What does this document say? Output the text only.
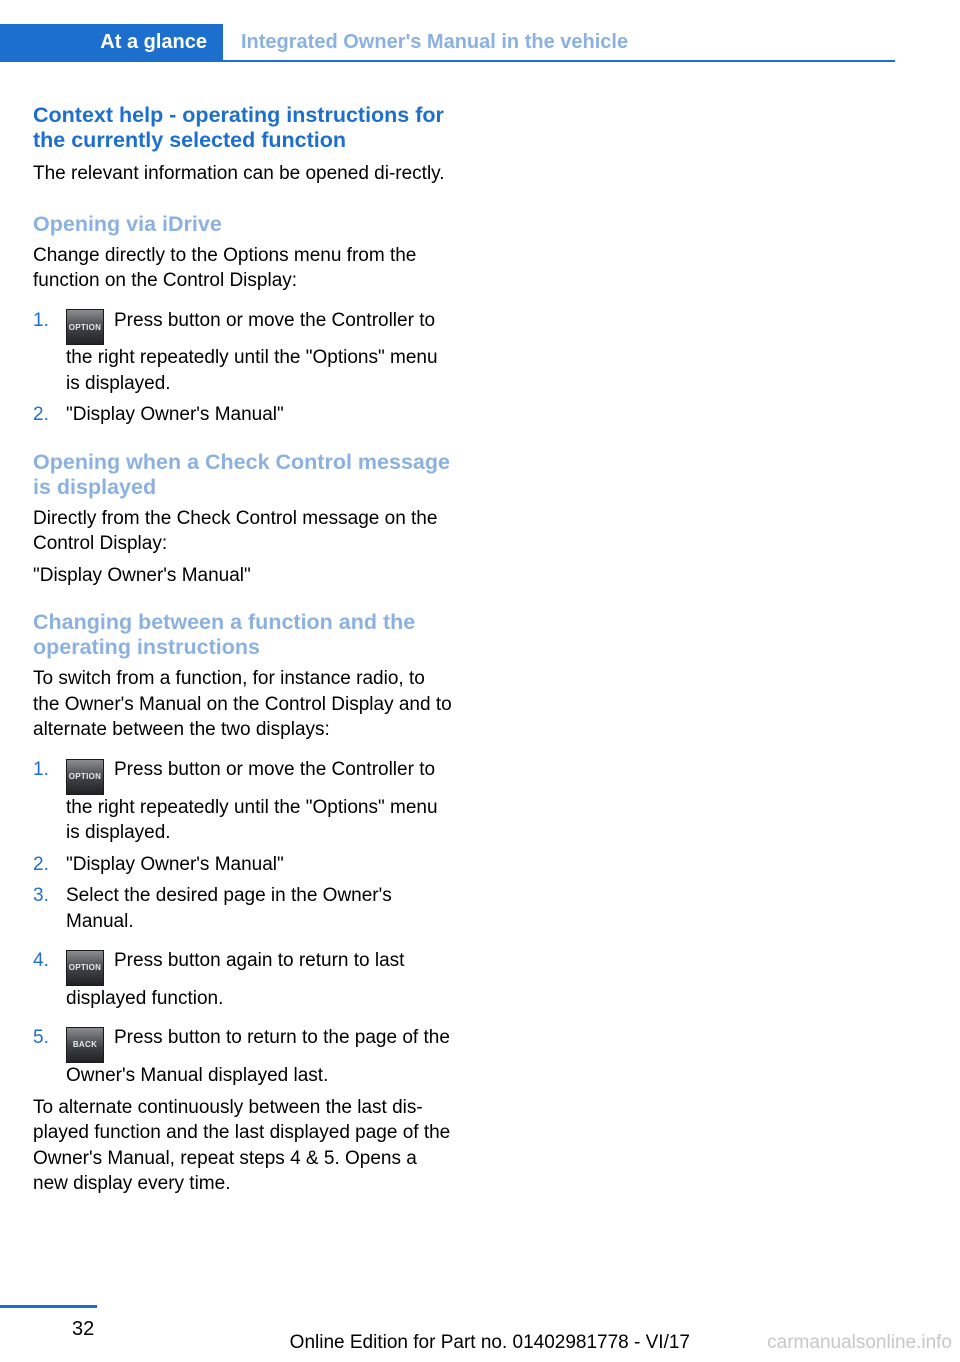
At a glance	Integrated Owner's Manual in the vehicle
Context help - operating instructions for the currently selected function

The relevant information can be opened di-rectly.

Opening via iDrive

Change directly to the Options menu from the function on the Control Display:

1. OPTION Press button or move the Controller to the right repeatedly until the "Options" menu is displayed.
2. "Display Owner's Manual"
Opening when a Check Control message is displayed

Directly from the Check Control message on the Control Display:

"Display Owner's Manual"

Changing between a function and the operating instructions

To switch from a function, for instance radio, to the Owner's Manual on the Control Display and to alternate between the two displays:

1. OPTION Press button or move the Controller to the right repeatedly until the "Options" menu is displayed.
2. "Display Owner's Manual"
3. Select the desired page in the Owner's Manual.
4. OPTION Press button again to return to last displayed function.
5.	BACK Press button to return to the page of the Owner's Manual displayed last.

To alternate continuously between the last dis-played function and the last displayed page of the Owner's Manual, repeat steps 4 & 5. Opens a new display every time.

32
Online Edition for Part no. 01402981778 - VI/17	carmanualsonline.info
